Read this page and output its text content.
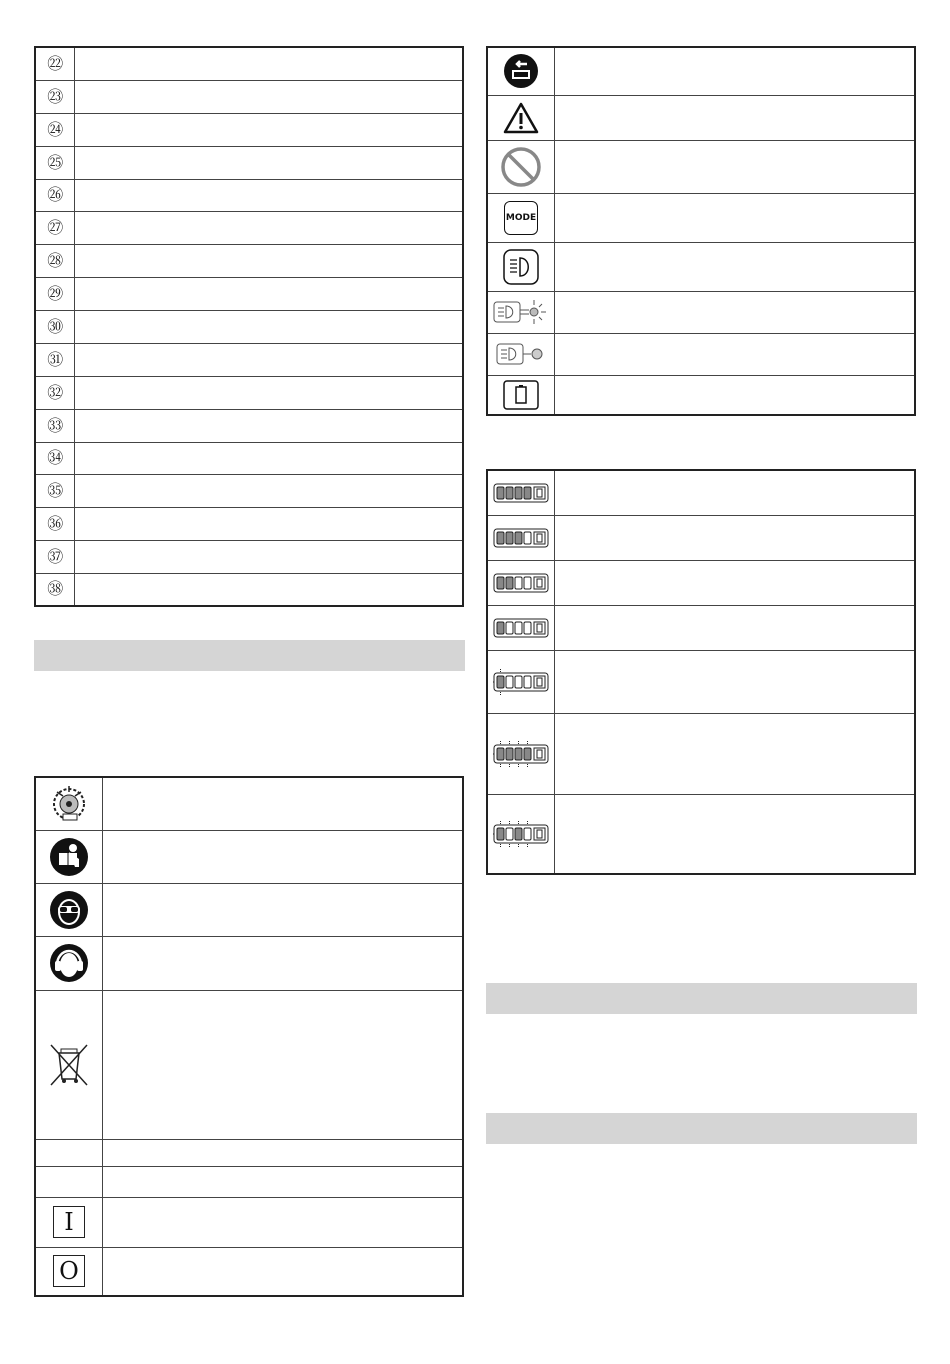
㉒	
㉓	
㉔	
㉕	
㉖	
㉗	
㉘	
㉙	
㉚	
㉛	
㉜	
㉝	
㉞	
㉟	
㊱	
㊲	
㊳	

I	

O	

MODE	
